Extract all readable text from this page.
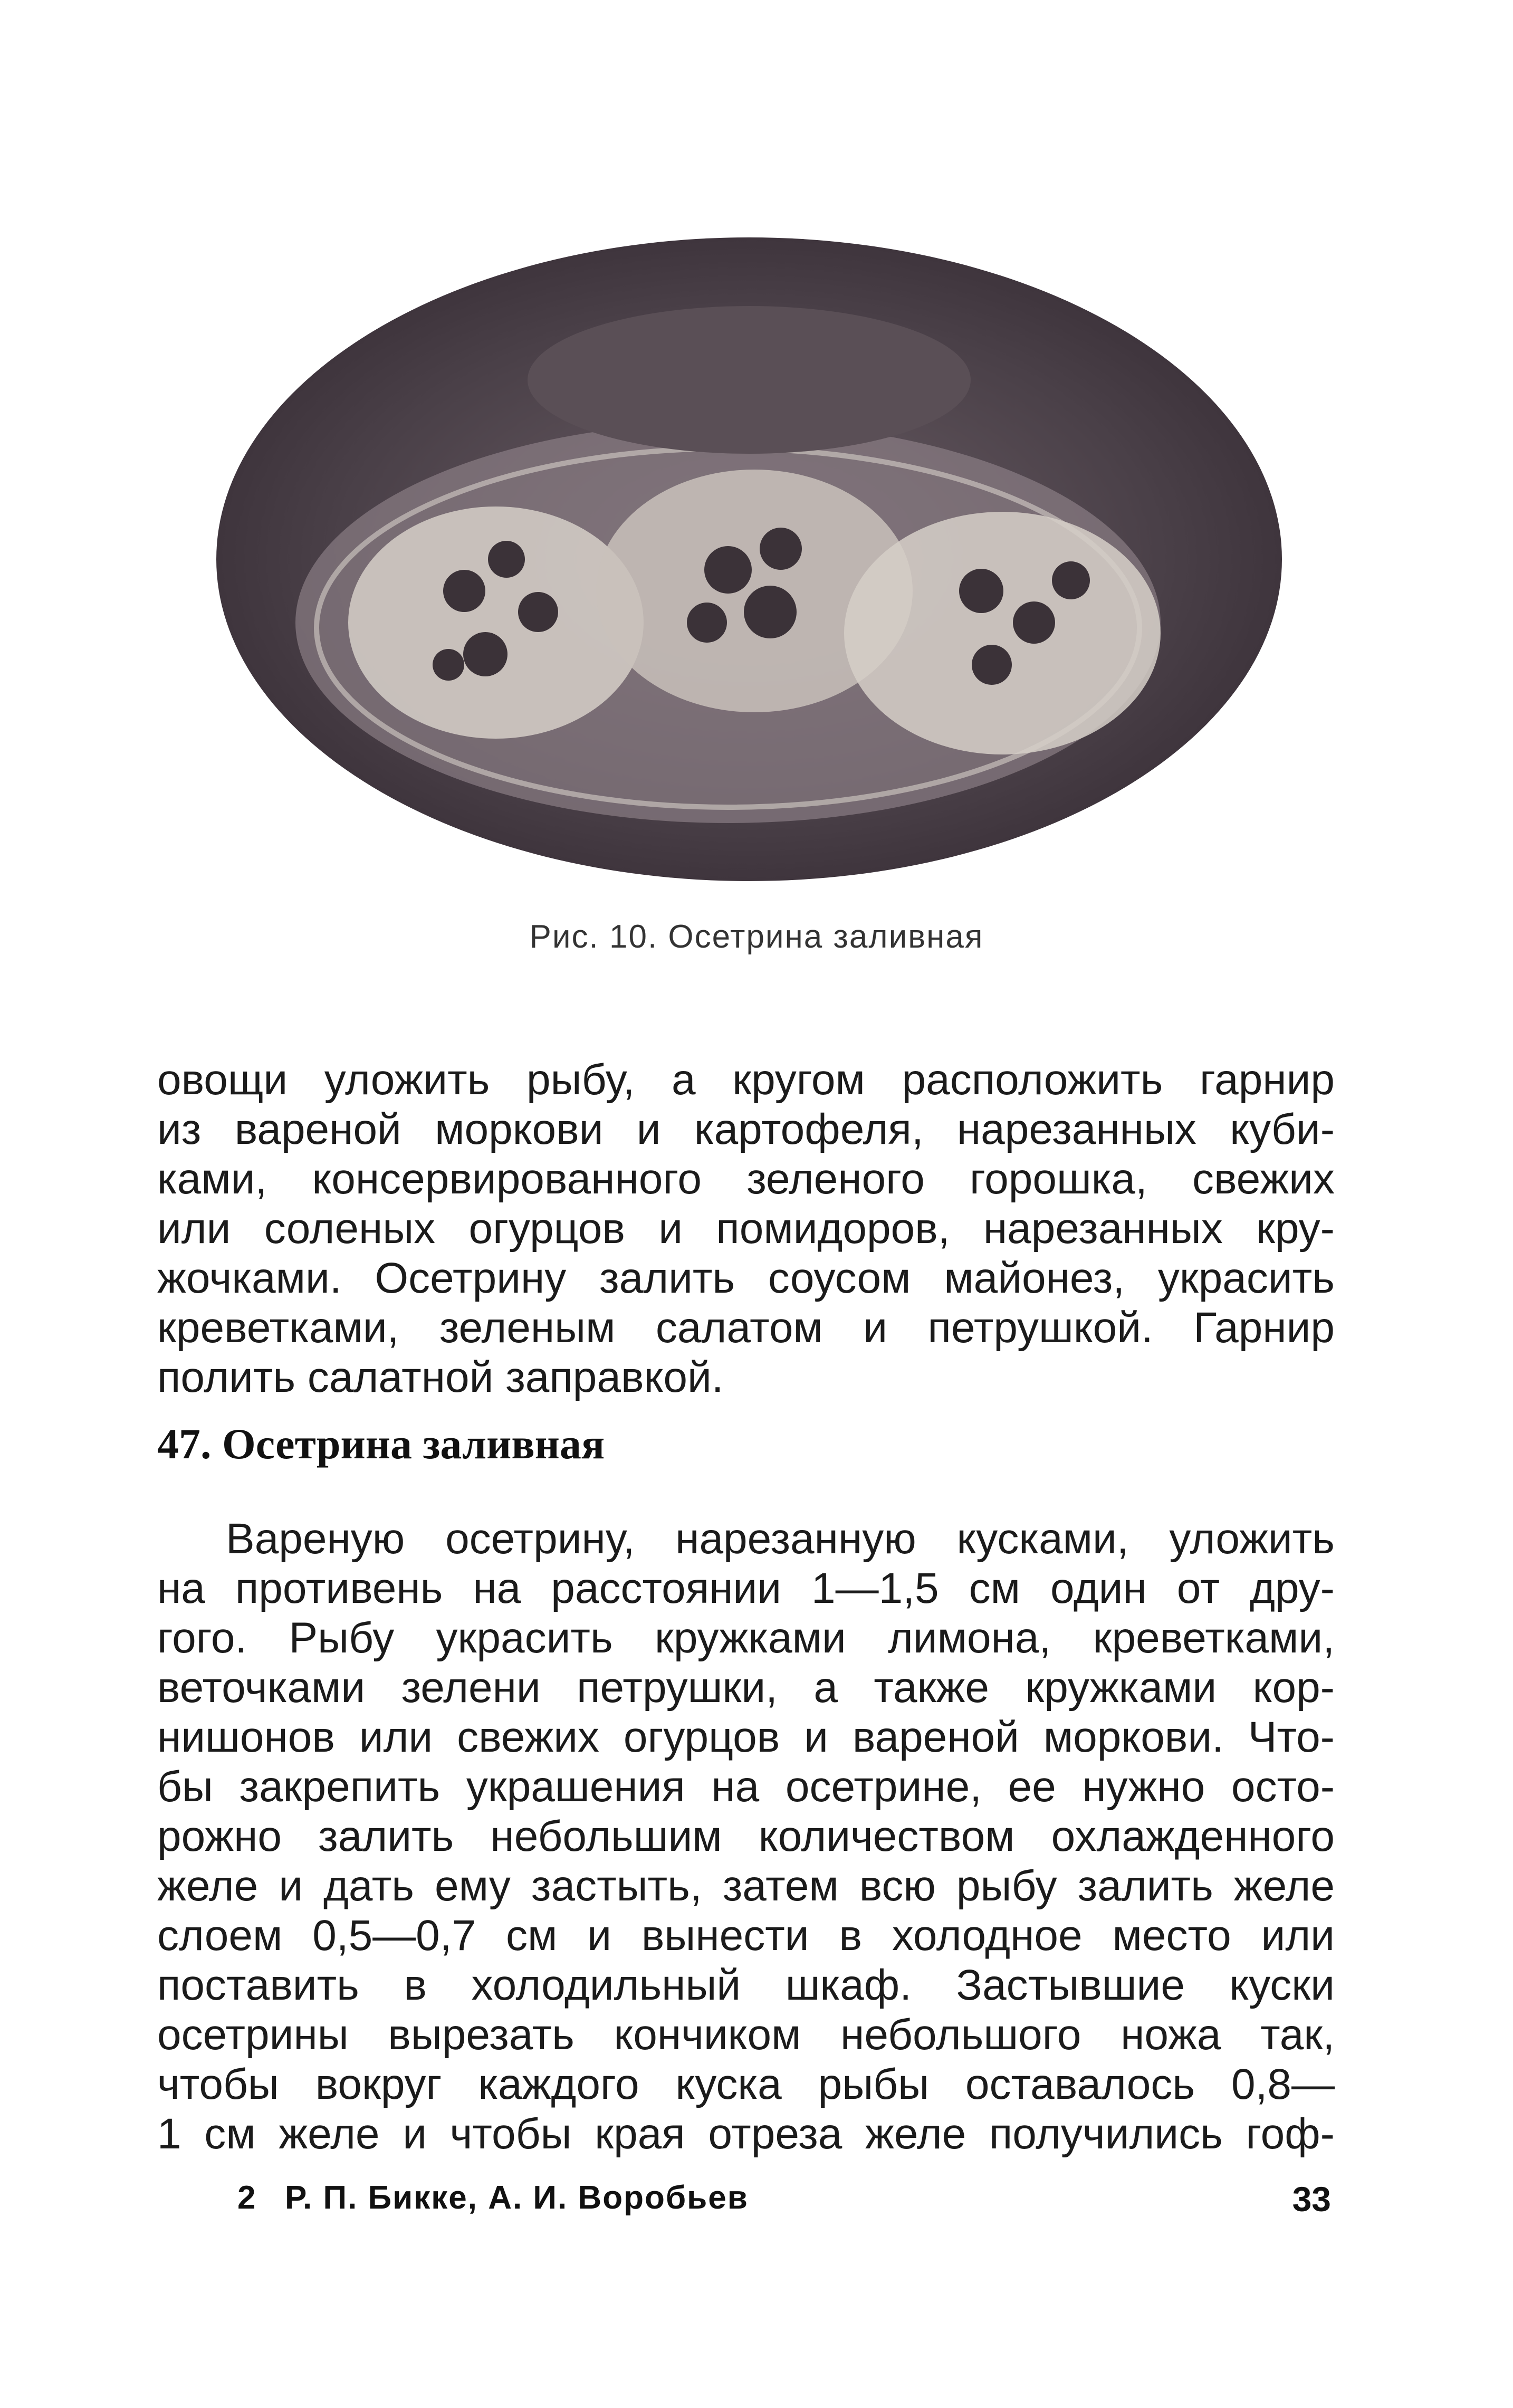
Рис. 10. Осетрина заливная
овощи уложить рыбу, а кругом расположить гарнир
из вареной моркови и картофеля, нарезанных куби-
ками, консервированного зеленого горошка, свежих
или соленых огурцов и помидоров, нарезанных кру-
жочками. Осетрину залить соусом майонез, украсить
креветками, зеленым салатом и петрушкой. Гарнир
полить салатной заправкой.
47. Осетрина заливная
Вареную осетрину, нарезанную кусками, уложить
на противень на расстоянии 1—1,5 см один от дру-
гого. Рыбу украсить кружками лимона, креветками,
веточками зелени петрушки, а также кружками кор-
нишонов или свежих огурцов и вареной моркови. Что-
бы закрепить украшения на осетрине, ее нужно осто-
рожно залить небольшим количеством охлажденного
желе и дать ему застыть, затем всю рыбу залить желе
слоем 0,5—0,7 см и вынести в холодное место или
поставить в холодильный шкаф. Застывшие куски
осетрины вырезать кончиком небольшого ножа так,
чтобы вокруг каждого куска рыбы оставалось 0,8—
1 см желе и чтобы края отреза желе получились гоф-
2 Р. П. Бикке, А. И. Воробьев	33
